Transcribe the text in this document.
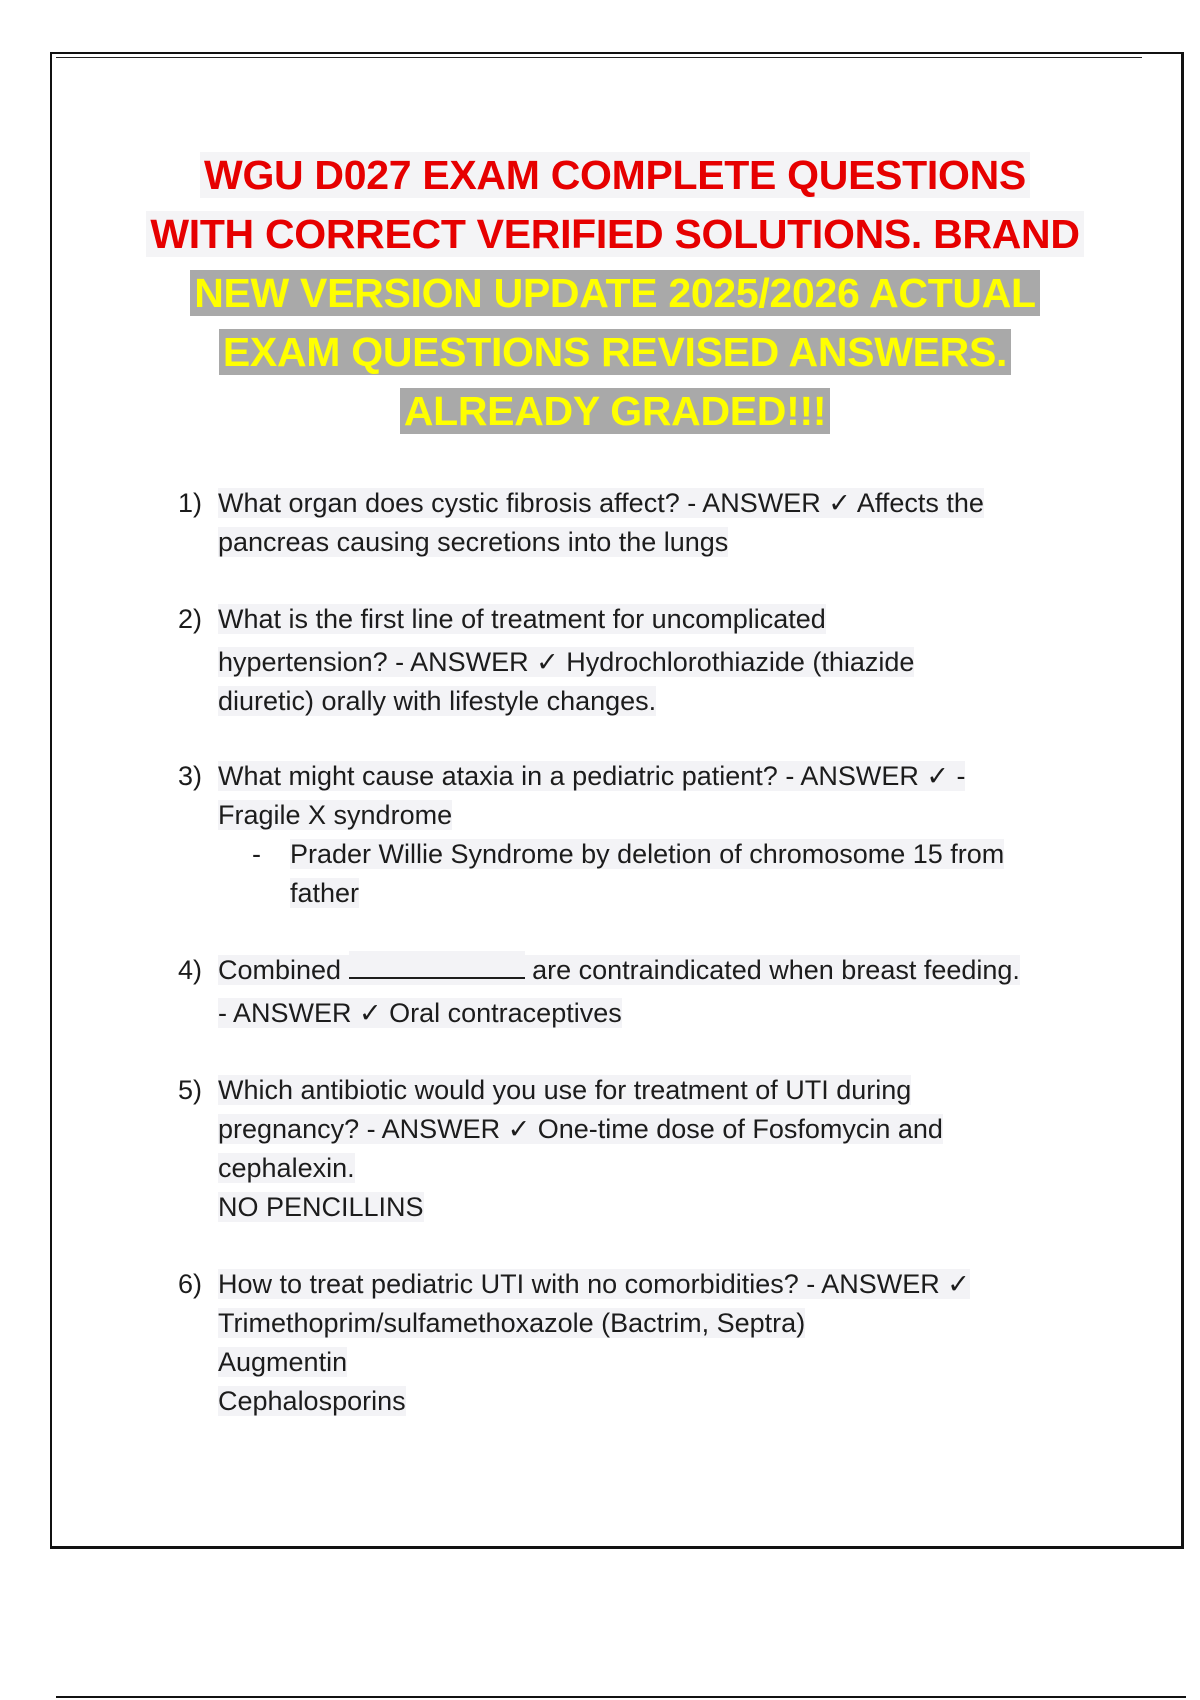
WGU D027 EXAM COMPLETE QUESTIONS
WITH CORRECT VERIFIED SOLUTIONS. BRAND
NEW VERSION UPDATE 2025/2026 ACTUAL
EXAM QUESTIONS REVISED ANSWERS.
ALREADY GRADED!!!
1) What organ does cystic fibrosis affect? - ANSWER ✓ Affects the
pancreas causing secretions into the lungs
2) What is the first line of treatment for uncomplicated
hypertension? - ANSWER ✓ Hydrochlorothiazide (thiazide
diuretic) orally with lifestyle changes.
3) What might cause ataxia in a pediatric patient? - ANSWER ✓ -
Fragile X syndrome
- Prader Willie Syndrome by deletion of chromosome 15 from
father
4) Combined	are contraindicated when breast feeding.
- ANSWER ✓ Oral contraceptives
5) Which antibiotic would you use for treatment of UTI during
pregnancy? - ANSWER ✓ One-time dose of Fosfomycin and
cephalexin.
NO PENCILLINS
6) How to treat pediatric UTI with no comorbidities? - ANSWER ✓
Trimethoprim/sulfamethoxazole (Bactrim, Septra)
Augmentin
Cephalosporins
